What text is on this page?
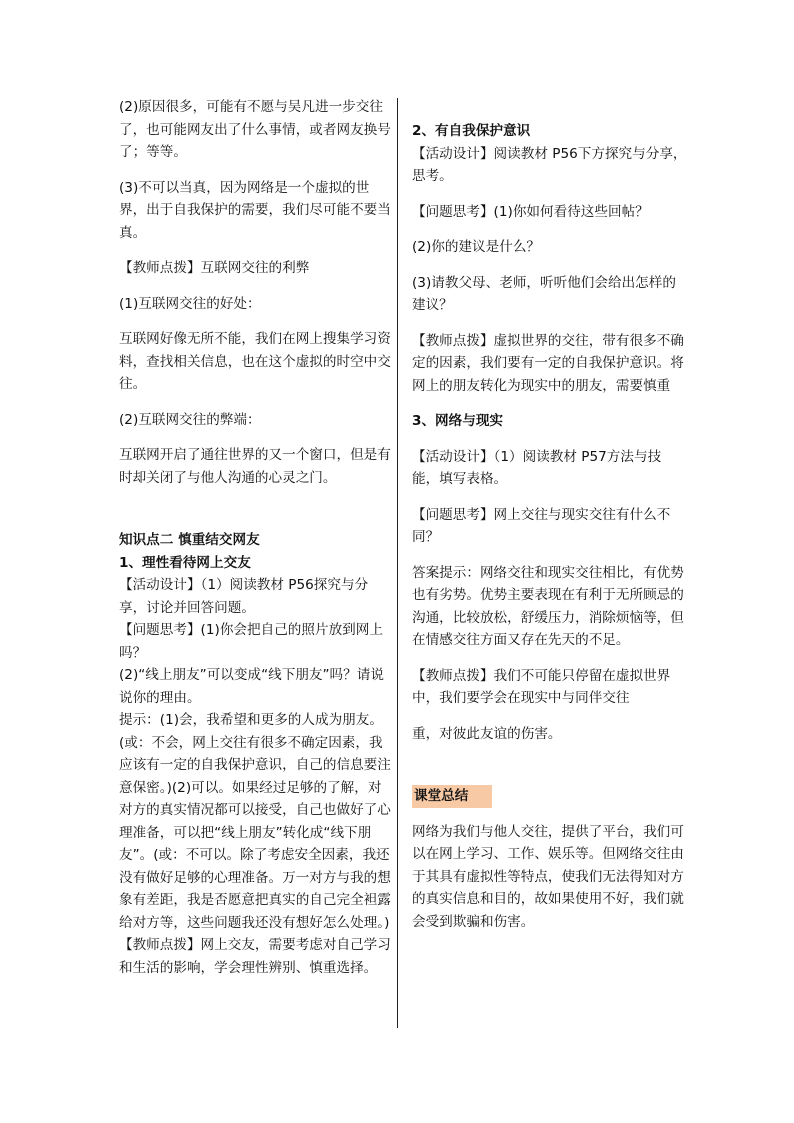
(2)原因很多，可能有不愿与吴凡进一步交往了，也可能网友出了什么事情，或者网友换号了；等等。

(3)不可以当真，因为网络是一个虚拟的世界，出于自我保护的需要，我们尽可能不要当真。

【教师点拨】互联网交往的利弊

(1)互联网交往的好处：

互联网好像无所不能，我们在网上搜集学习资料，查找相关信息，也在这个虚拟的时空中交往。

(2)互联网交往的弊端：

互联网开启了通往世界的又一个窗口，但是有时却关闭了与他人沟通的心灵之门。

知识点二 慎重结交网友

1、理性看待网上交友

【活动设计】（1）阅读教材 P56探究与分享，讨论并回答问题。

【问题思考】(1)你会把自己的照片放到网上吗？

(2)“线上朋友”可以变成“线下朋友”吗？请说说你的理由。

提示：(1)会，我希望和更多的人成为朋友。(或：不会，网上交往有很多不确定因素，我应该有一定的自我保护意识，自己的信息要注意保密。)(2)可以。如果经过足够的了解，对对方的真实情况都可以接受，自己也做好了心理准备，可以把“线上朋友”转化成“线下朋友”。(或：不可以。除了考虑安全因素，我还没有做好足够的心理准备。万一对方与我的想象有差距，我是否愿意把真实的自己完全袒露给对方等，这些问题我还没有想好怎么处理。)

【教师点拨】网上交友，需要考虑对自己学习和生活的影响，学会理性辨别、慎重选择。

2、有自我保护意识

【活动设计】阅读教材 P56下方探究与分享，思考。

【问题思考】(1)你如何看待这些回帖？

(2)你的建议是什么？

(3)请教父母、老师，听听他们会给出怎样的建议？

【教师点拨】虚拟世界的交往，带有很多不确定的因素，我们要有一定的自我保护意识。将网上的朋友转化为现实中的朋友，需要慎重

3、网络与现实

【活动设计】（1）阅读教材 P57方法与技能，填写表格。

【问题思考】网上交往与现实交往有什么不同？

答案提示：网络交往和现实交往相比，有优势也有劣势。优势主要表现在有利于无所顾忌的沟通，比较放松，舒缓压力，消除烦恼等，但在情感交往方面又存在先天的不足。

【教师点拨】我们不可能只停留在虚拟世界中，我们要学会在现实中与同伴交往

重，对彼此友谊的伤害。

课堂总结

网络为我们与他人交往，提供了平台，我们可以在网上学习、工作、娱乐等。但网络交往由于其具有虚拟性等特点，使我们无法得知对方的真实信息和目的，故如果使用不好，我们就会受到欺骗和伤害。
